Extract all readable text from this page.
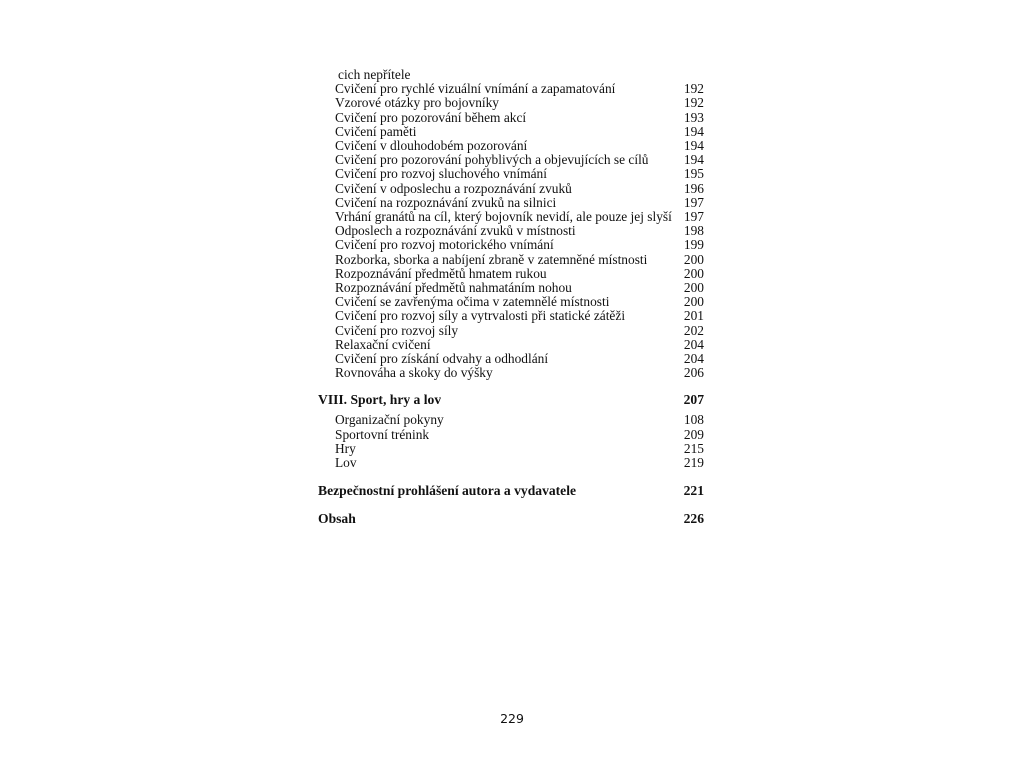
cich nepřítele
Cvičení pro rychlé vizuální vnímání a zapamatování	192
Vzorové otázky pro bojovníky	192
Cvičení pro pozorování během akcí	193
Cvičení paměti	194
Cvičení v dlouhodobém pozorování	194
Cvičení pro pozorování pohyblivých a objevujících se cílů	194
Cvičení pro rozvoj sluchového vnímání	195
Cvičení v odposlechu a rozpoznávání zvuků	196
Cvičení na rozpoznávání zvuků na silnici	197
Vrhání granátů na cíl, který bojovník nevidí, ale pouze jej slyší 197
Odposlech a rozpoznávání zvuků v místnosti	198
Cvičení pro rozvoj motorického vnímání	199
Rozborka, sborka a nabíjení zbraně v zatemněné místnosti	200
Rozpoznávání předmětů hmatem rukou	200
Rozpoznávání předmětů nahmatáním nohou	200
Cvičení se zavřenýma očima v zatemnělé místnosti	200
Cvičení pro rozvoj síly a vytrvalosti při statické zátěži	201
Cvičení pro rozvoj síly	202
Relaxační cvičení	204
Cvičení pro získání odvahy a odhodlání	204
Rovnováha a skoky do výšky	206
VIII. Sport, hry a lov	207
Organizační pokyny	108
Sportovní trénink	209
Hry	215
Lov	219
Bezpečnostní prohlášení autora a vydavatele	221
Obsah	226
229
